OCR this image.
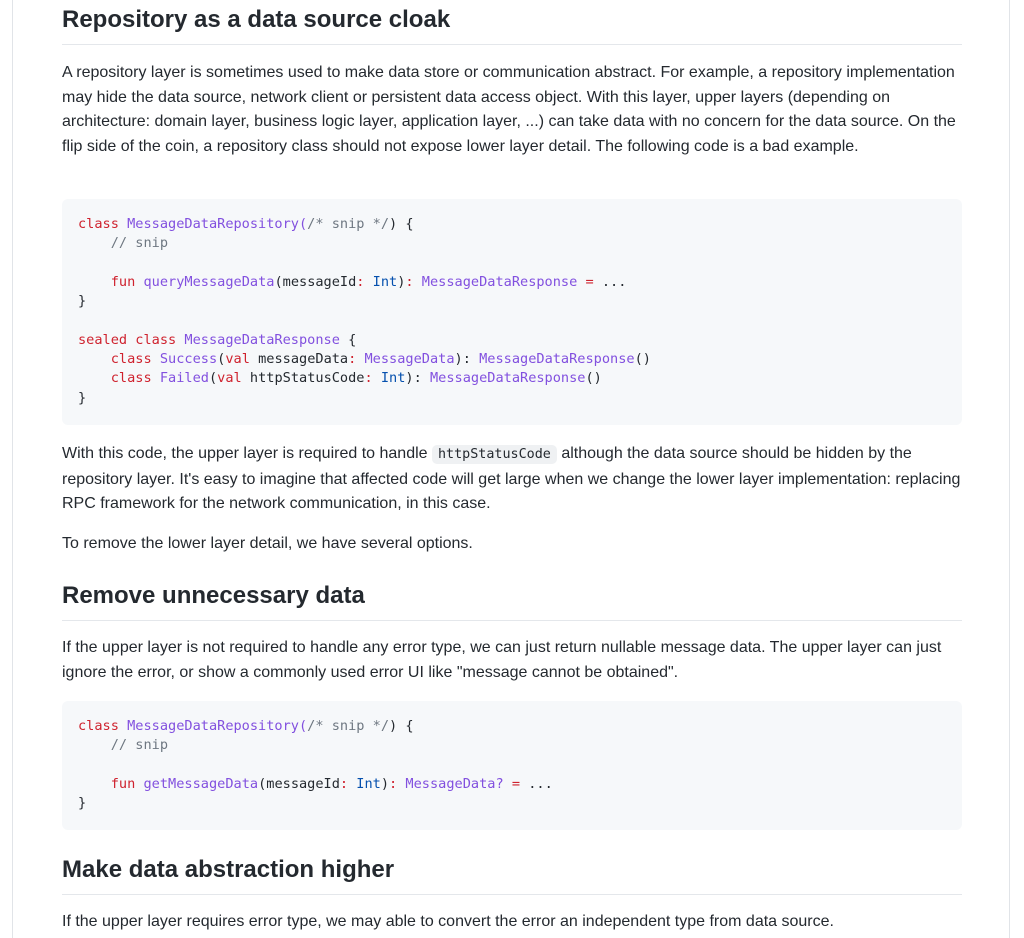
Repository as a data source cloak

A repository layer is sometimes used to make data store or communication abstract. For example, a repository implementation may hide the data source, network client or persistent data access object. With this layer, upper layers (depending on architecture: domain layer, business logic layer, application layer, ...) can take data with no concern for the data source. On the flip side of the coin, a repository class should not expose lower layer detail. The following code is a bad example.

class MessageDataRepository(/* snip */) {
// snip

fun queryMessageData(messageId: Int): MessageDataResponse = ...
}

sealed class MessageDataResponse {
class Success(val messageData: MessageData): MessageDataResponse()
class Failed(val httpStatusCode: Int): MessageDataResponse()
}

With this code, the upper layer is required to handle httpStatusCode although the data source should be hidden by the repository layer. It's easy to imagine that affected code will get large when we change the lower layer implementation: replacing RPC framework for the network communication, in this case.

To remove the lower layer detail, we have several options.

Remove unnecessary data

If the upper layer is not required to handle any error type, we can just return nullable message data. The upper layer can just ignore the error, or show a commonly used error UI like "message cannot be obtained".

class MessageDataRepository(/* snip */) {
// snip

fun getMessageData(messageId: Int): MessageData? = ...
}
Make data abstraction higher

If the upper layer requires error type, we may able to convert the error an independent type from data source.
